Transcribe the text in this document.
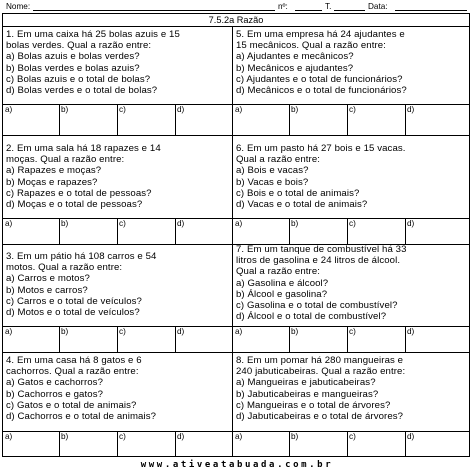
Nome:	nº:	T.	Data:
7.5.2a Razão
1. Em uma caixa há 25 bolas azuis e 15
bolas verdes. Qual a razão entre:
a) Bolas azuis e bolas verdes?
b) Bolas verdes e bolas azuis?
c) Bolas azuis e o total de bolas?
d) Bolas verdes e o total de bolas?
5. Em uma empresa há 24 ajudantes e
15 mecânicos. Qual a razão entre:
a) Ajudantes e mecânicos?
b) Mecânicos e ajudantes?
c) Ajudantes e o total de funcionários?
d) Mecânicos e o total de funcionários?
a)	b)	c)	d)	a)	b)	c)	d)
2. Em uma sala há 18 rapazes e 14
moças. Qual a razão entre:
a) Rapazes e moças?
b) Moças e rapazes?
c) Rapazes e o total de pessoas?
d) Moças e o total de pessoas?
6. Em um pasto há 27 bois e 15 vacas.
Qual a razão entre:
a) Bois e vacas?
b) Vacas e bois?
c) Bois e o total de animais?
d) Vacas e o total de animais?
a)	b)	c)	d)	a)	b)	c)	d)
3. Em um pátio há 108 carros e 54
motos. Qual a razão entre:
a) Carros e motos?
b) Motos e carros?
c) Carros e o total de veículos?
d) Motos e o total de veículos?
7. Em um tanque de combustível há 33
litros de gasolina e 24 litros de álcool.
Qual a razão entre:
a) Gasolina e álcool?
b) Álcool e gasolina?
c) Gasolina e o total de combustível?
d) Álcool e o total de combustível?
a)	b)	c)	d)	a)	b)	c)	d)
4. Em uma casa há 8 gatos e 6
cachorros. Qual a razão entre:
a) Gatos e cachorros?
b) Cachorros e gatos?
c) Gatos e o total de animais?
d) Cachorros e o total de animais?
8. Em um pomar há 280 mangueiras e
240 jabuticabeiras. Qual a razão entre:
a) Mangueiras e jabuticabeiras?
b) Jabuticabeiras e mangueiras?
c) Mangueiras e o total de árvores?
d) Jabuticabeiras e o total de árvores?
a)	b)	c)	d)	a)	b)	c)	d)
www.ativeatabuada.com.br
